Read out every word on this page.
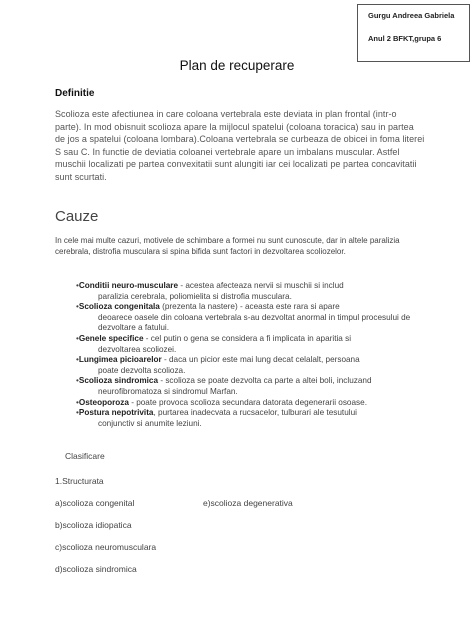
Gurgu Andreea Gabriela
Anul 2 BFKT,grupa 6
Plan de recuperare
Definitie

Scolioza este afectiunea in care coloana vertebrala este deviata in plan frontal (intr-o parte). In mod obisnuit scolioza apare la mijlocul spatelui (coloana toracica) sau in partea de jos a spatelui (coloana lombara).Coloana vertebrala se curbeaza de obicei in foma literei S sau C. In functie de deviatia coloanei vertebrale apare un imbalans muscular. Astfel muschii localizati pe partea convexitatii sunt alungiti iar cei localizati pe partea concavitatii sunt scurtati.

Cauze

In cele mai multe cazuri, motivele de schimbare a formei nu sunt cunoscute, dar in altele paralizia cerebrala, distrofia musculara si spina bifida sunt factori in dezvoltarea scoliozelor.

•Conditii neuro-musculare - acestea afecteaza nervii si muschii si includ
paralizia cerebrala, poliomielita si distrofia musculara.
•Scolioza congenitala (prezenta la nastere) - aceasta este rara si apare
deoarece oasele din coloana vertebrala s-au dezvoltat anormal in timpul procesului de dezvoltare a fatului.
•Genele specifice - cel putin o gena se considera a fi implicata in aparitia si
dezvoltarea scoliozei.
•Lungimea picioarelor - daca un picior este mai lung decat celalalt, persoana
poate dezvolta scolioza.
•Scolioza sindromica - scolioza se poate dezvolta ca parte a altei boli, incluzand
neurofibromatoza si sindromul Marfan.
•Osteoporoza - poate provoca scolioza secundara datorata degenerarii osoase.
•Postura nepotrivita, purtarea inadecvata a rucsacelor, tulburari ale tesutului
conjunctiv si anumite leziuni.
Clasificare
1.Structurata
a)scolioza congenital	e)scolioza degenerativa
b)scolioza idiopatica
c)scolioza neuromusculara
d)scolioza sindromica
